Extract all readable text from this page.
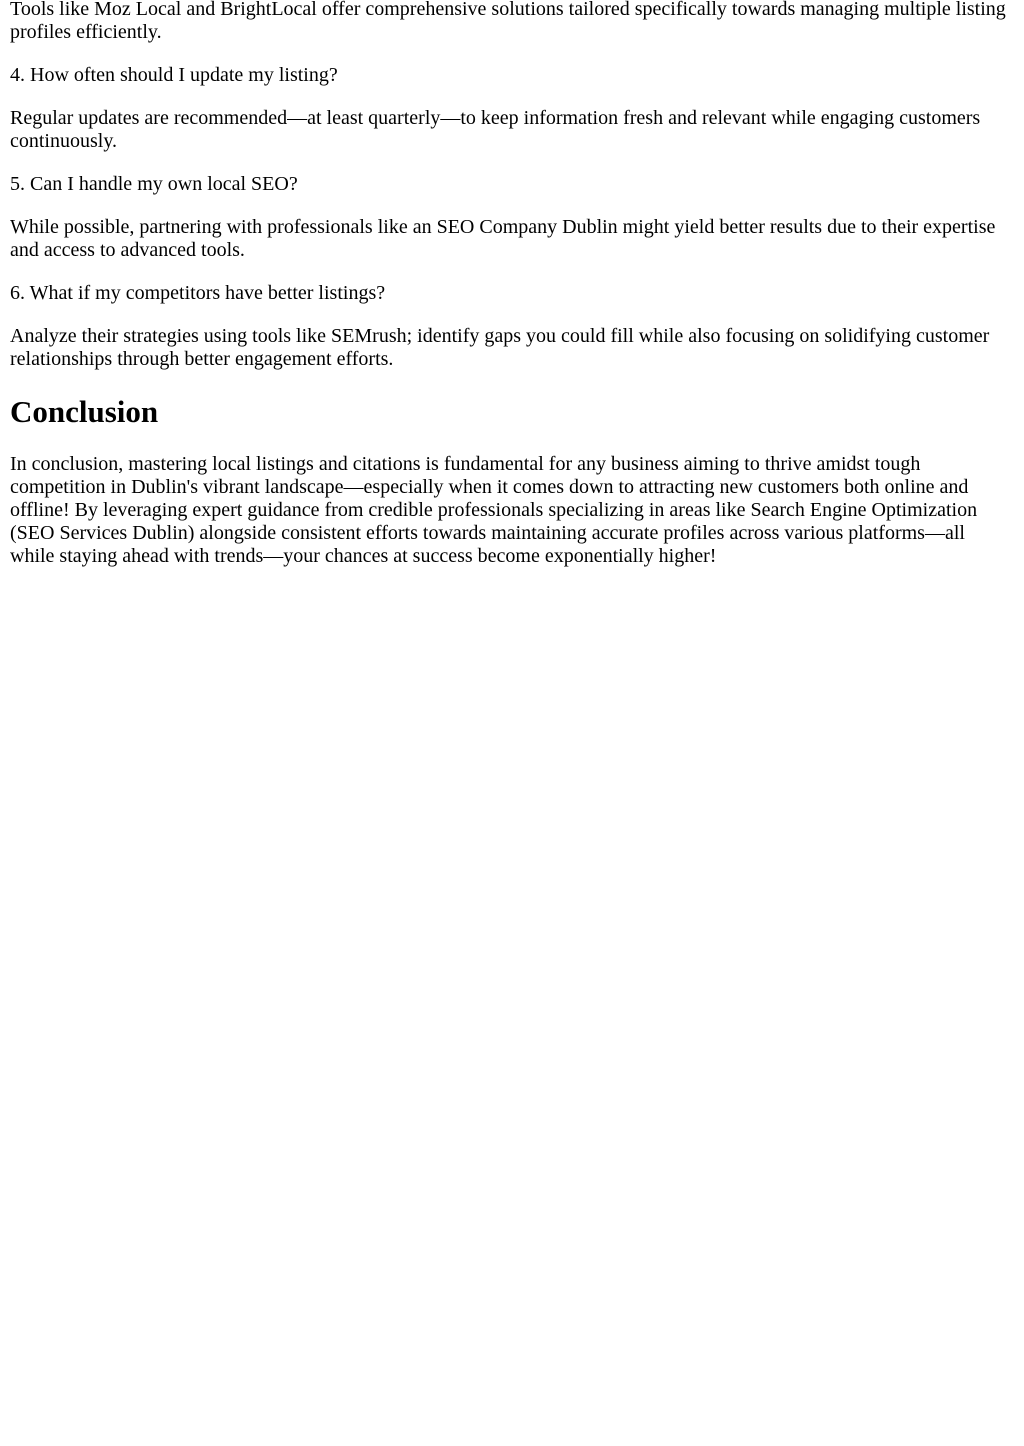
Tools like Moz Local and BrightLocal offer comprehensive solutions tailored specifically towards managing multiple listing profiles efficiently.

4. How often should I update my listing?

Regular updates are recommended—at least quarterly—to keep information fresh and relevant while engaging customers continuously.

5. Can I handle my own local SEO?

While possible, partnering with professionals like an SEO Company Dublin might yield better results due to their expertise and access to advanced tools.

6. What if my competitors have better listings?

Analyze their strategies using tools like SEMrush; identify gaps you could fill while also focusing on solidifying customer relationships through better engagement efforts.

Conclusion

In conclusion, mastering local listings and citations is fundamental for any business aiming to thrive amidst tough competition in Dublin's vibrant landscape—especially when it comes down to attracting new customers both online and offline! By leveraging expert guidance from credible professionals specializing in areas like Search Engine Optimization (SEO Services Dublin) alongside consistent efforts towards maintaining accurate profiles across various platforms—all while staying ahead with trends—your chances at success become exponentially higher!
